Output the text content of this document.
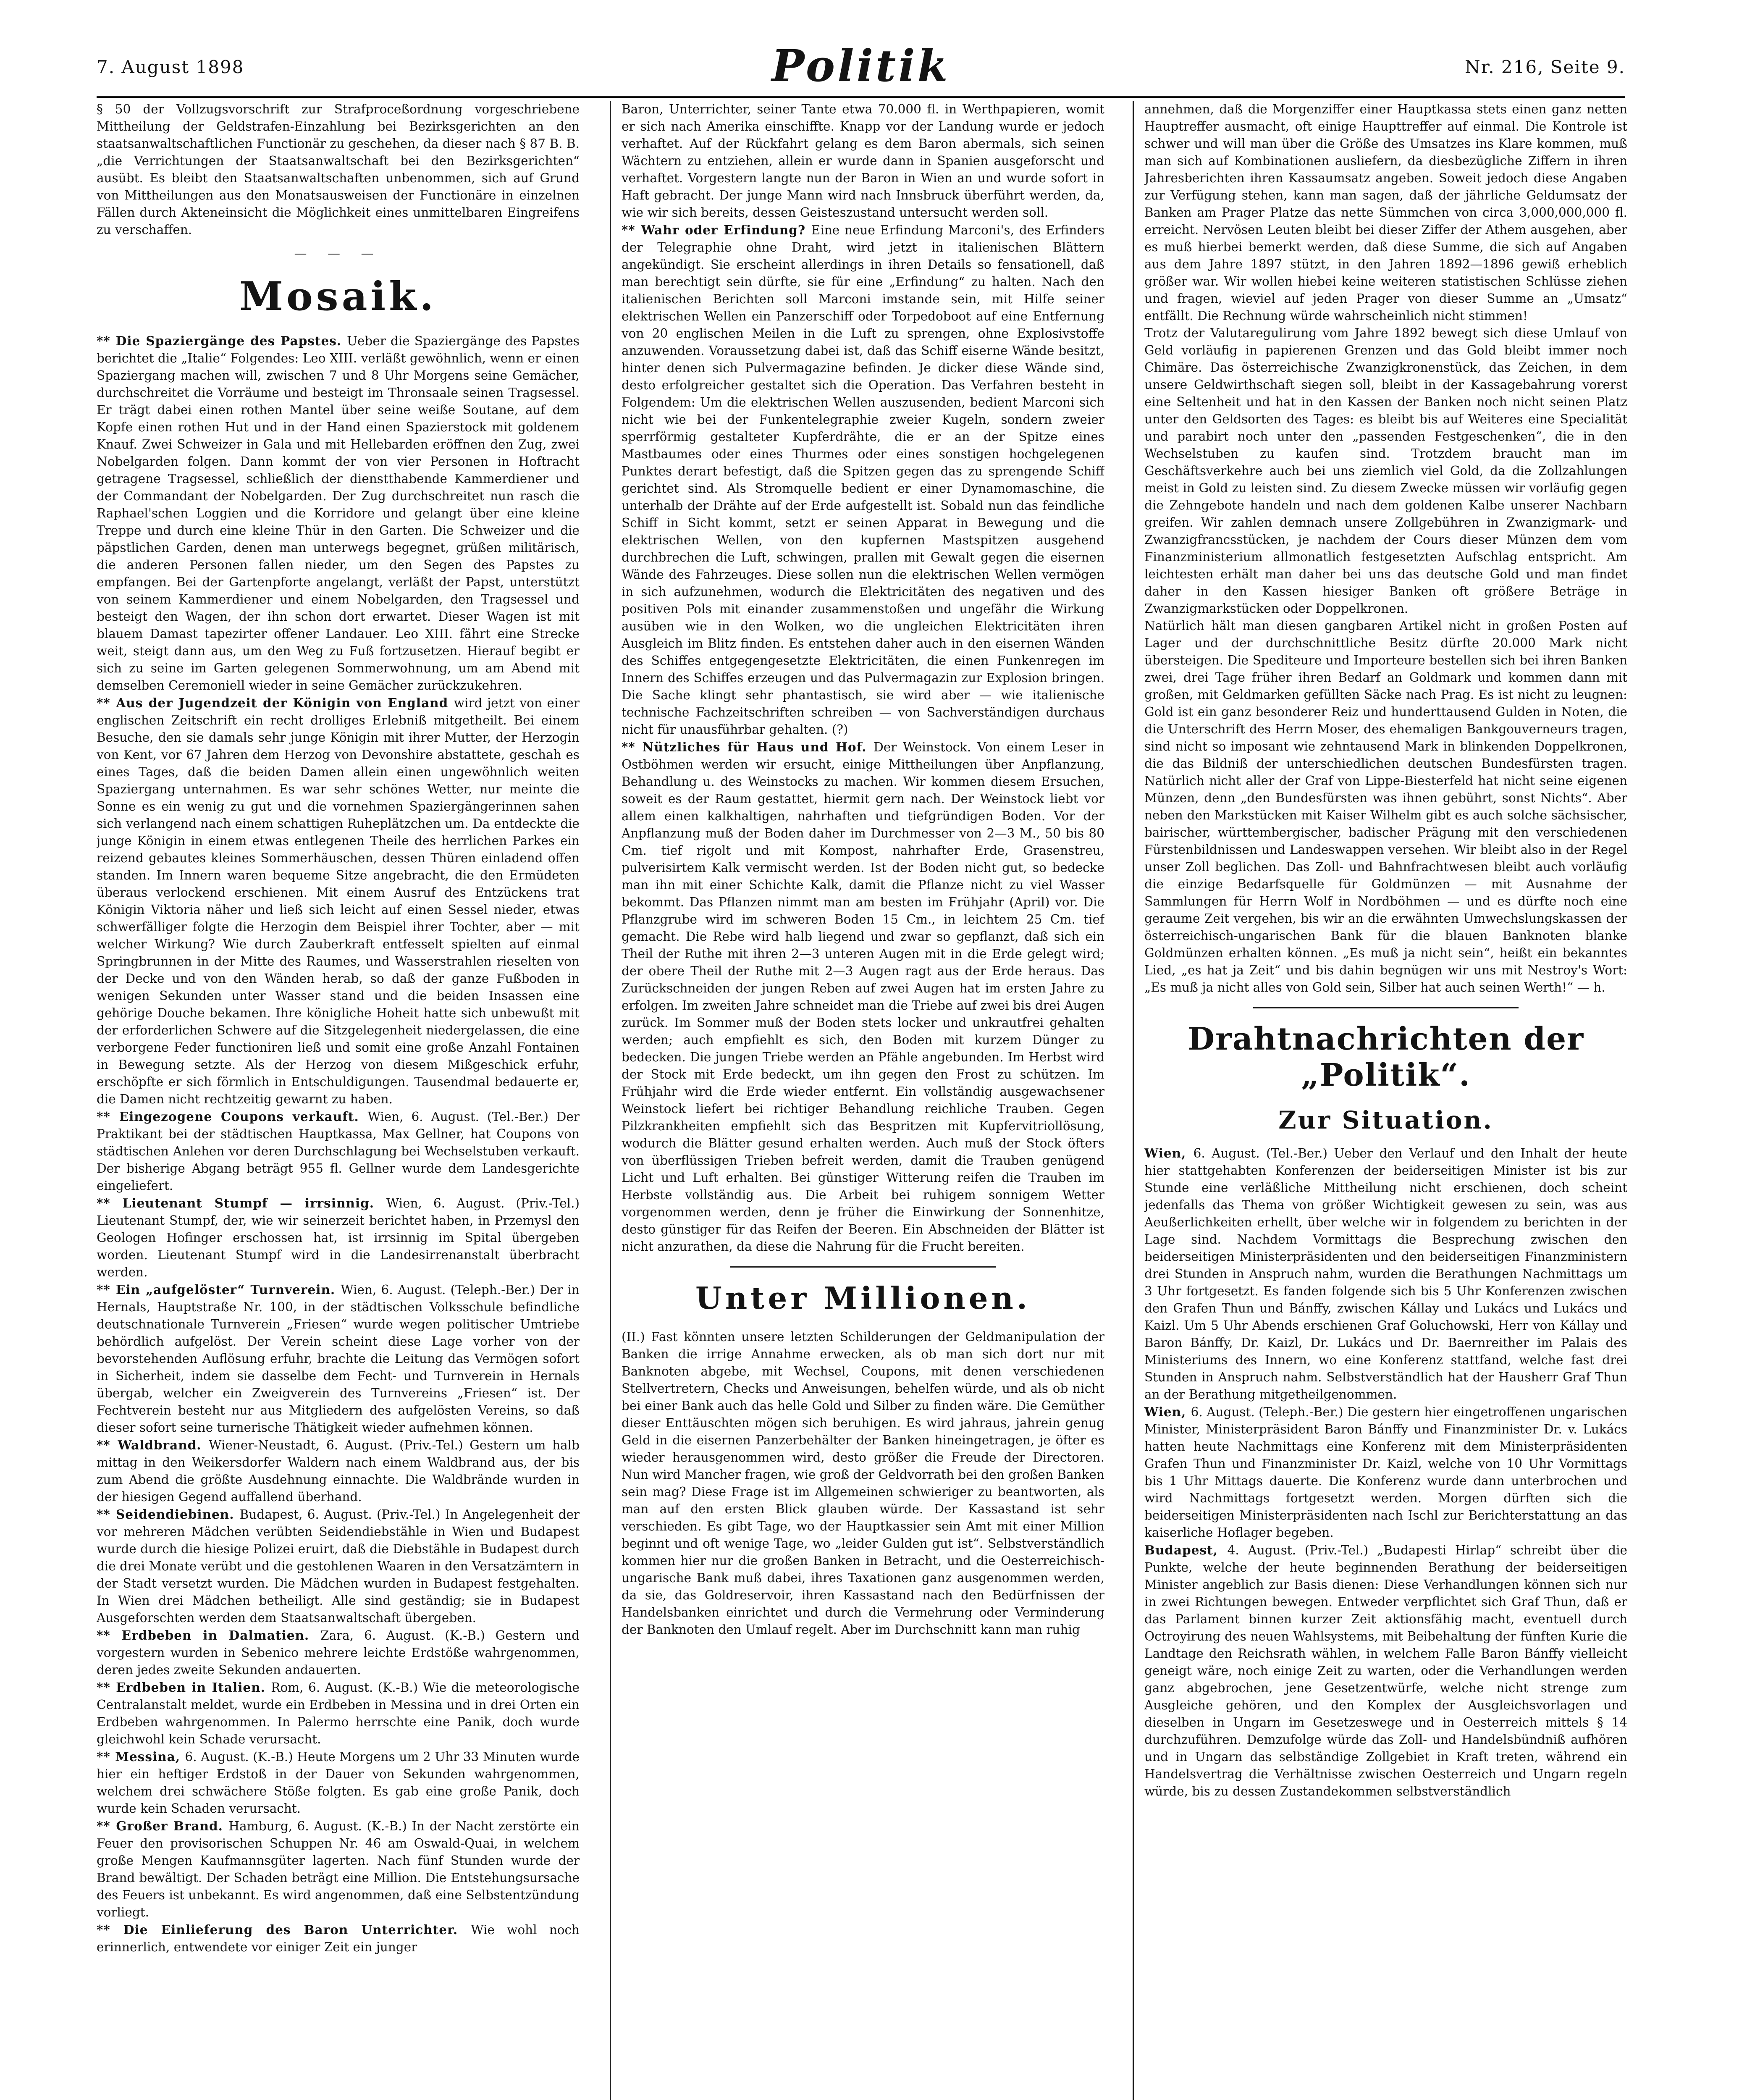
7. August 1898	Politik	Nr. 216, Seite 9.

§ 50 der Vollzugsvorschrift zur Strafproceßordnung vorgeschriebene Mittheilung der Geldstrafen-Einzahlung bei Bezirksgerichten an den staatsanwaltschaftlichen Functionär zu geschehen, da dieser nach § 87 B. B. „die Verrichtungen der Staatsanwaltschaft bei den Bezirksgerichten“ ausübt. Es bleibt den Staatsanwaltschaften unbenommen, sich auf Grund von Mittheilungen aus den Monatsausweisen der Functionäre in einzelnen Fällen durch Akteneinsicht die Möglichkeit eines unmittelbaren Eingreifens zu verschaffen.

— — —
Mosaik.

** Die Spaziergänge des Papstes. Ueber die Spaziergänge des Papstes berichtet die „Italie“ Folgendes: Leo XIII. verläßt gewöhnlich, wenn er einen Spaziergang machen will, zwischen 7 und 8 Uhr Morgens seine Gemächer, durchschreitet die Vorräume und besteigt im Thronsaale seinen Tragsessel. Er trägt dabei einen rothen Mantel über seine weiße Soutane, auf dem Kopfe einen rothen Hut und in der Hand einen Spazierstock mit goldenem Knauf. Zwei Schweizer in Gala und mit Hellebarden eröffnen den Zug, zwei Nobelgarden folgen. Dann kommt der von vier Personen in Hoftracht getragene Tragsessel, schließlich der dienstthabende Kammerdiener und der Commandant der Nobelgarden. Der Zug durchschreitet nun rasch die Raphael'schen Loggien und die Korridore und gelangt über eine kleine Treppe und durch eine kleine Thür in den Garten. Die Schweizer und die päpstlichen Garden, denen man unterwegs begegnet, grüßen militärisch, die anderen Personen fallen nieder, um den Segen des Papstes zu empfangen. Bei der Gartenpforte angelangt, verläßt der Papst, unterstützt von seinem Kammerdiener und einem Nobelgarden, den Tragsessel und besteigt den Wagen, der ihn schon dort erwartet. Dieser Wagen ist mit blauem Damast tapezirter offener Landauer. Leo XIII. fährt eine Strecke weit, steigt dann aus, um den Weg zu Fuß fortzusetzen. Hierauf begibt er sich zu seine im Garten gelegenen Sommerwohnung, um am Abend mit demselben Ceremoniell wieder in seine Gemächer zurückzukehren.

** Aus der Jugendzeit der Königin von England wird jetzt von einer englischen Zeitschrift ein recht drolliges Erlebniß mitgetheilt. Bei einem Besuche, den sie damals sehr junge Königin mit ihrer Mutter, der Herzogin von Kent, vor 67 Jahren dem Herzog von Devonshire abstattete, geschah es eines Tages, daß die beiden Damen allein einen ungewöhnlich weiten Spaziergang unternahmen. Es war sehr schönes Wetter, nur meinte die Sonne es ein wenig zu gut und die vornehmen Spaziergängerinnen sahen sich verlangend nach einem schattigen Ruheplätzchen um. Da entdeckte die junge Königin in einem etwas entlegenen Theile des herrlichen Parkes ein reizend gebautes kleines Sommerhäuschen, dessen Thüren einladend offen standen. Im Innern waren bequeme Sitze angebracht, die den Ermüdeten überaus verlockend erschienen. Mit einem Ausruf des Entzückens trat Königin Viktoria näher und ließ sich leicht auf einen Sessel nieder, etwas schwerfälliger folgte die Herzogin dem Beispiel ihrer Tochter, aber — mit welcher Wirkung? Wie durch Zauberkraft entfesselt spielten auf einmal Springbrunnen in der Mitte des Raumes, und Wasserstrahlen rieselten von der Decke und von den Wänden herab, so daß der ganze Fußboden in wenigen Sekunden unter Wasser stand und die beiden Insassen eine gehörige Douche bekamen. Ihre königliche Hoheit hatte sich unbewußt mit der erforderlichen Schwere auf die Sitzgelegenheit niedergelassen, die eine verborgene Feder functioniren ließ und somit eine große Anzahl Fontainen in Bewegung setzte. Als der Herzog von diesem Mißgeschick erfuhr, erschöpfte er sich förmlich in Entschuldigungen. Tausendmal bedauerte er, die Damen nicht rechtzeitig gewarnt zu haben.

** Eingezogene Coupons verkauft. Wien, 6. August. (Tel.-Ber.) Der Praktikant bei der städtischen Hauptkassa, Max Gellner, hat Coupons von städtischen Anlehen vor deren Durchschlagung bei Wechselstuben verkauft. Der bisherige Abgang beträgt 955 fl. Gellner wurde dem Landesgerichte eingeliefert.

** Lieutenant Stumpf — irrsinnig. Wien, 6. August. (Priv.-Tel.) Lieutenant Stumpf, der, wie wir seinerzeit berichtet haben, in Przemysl den Geologen Hofinger erschossen hat, ist irrsinnig im Spital übergeben worden. Lieutenant Stumpf wird in die Landesirrenanstalt überbracht werden.

** Ein „aufgelöster“ Turnverein. Wien, 6. August. (Teleph.-Ber.) Der in Hernals, Hauptstraße Nr. 100, in der städtischen Volksschule befindliche deutschnationale Turnverein „Friesen“ wurde wegen politischer Umtriebe behördlich aufgelöst. Der Verein scheint diese Lage vorher von der bevorstehenden Auflösung erfuhr, brachte die Leitung das Vermögen sofort in Sicherheit, indem sie dasselbe dem Fecht- und Turnverein in Hernals übergab, welcher ein Zweigverein des Turnvereins „Friesen“ ist. Der Fechtverein besteht nur aus Mitgliedern des aufgelösten Vereins, so daß dieser sofort seine turnerische Thätigkeit wieder aufnehmen können.

** Waldbrand. Wiener-Neustadt, 6. August. (Priv.-Tel.) Gestern um halb mittag in den Weikersdorfer Waldern nach einem Waldbrand aus, der bis zum Abend die größte Ausdehnung einnachte. Die Waldbrände wurden in der hiesigen Gegend auffallend überhand.

** Seidendiebinen. Budapest, 6. August. (Priv.-Tel.) In Angelegenheit der vor mehreren Mädchen verübten Seidendiebstähle in Wien und Budapest wurde durch die hiesige Polizei eruirt, daß die Diebstähle in Budapest durch die drei Monate verübt und die gestohlenen Waaren in den Versatzämtern in der Stadt versetzt wurden. Die Mädchen wurden in Budapest festgehalten. In Wien drei Mädchen betheiligt. Alle sind geständig; sie in Budapest Ausgeforschten werden dem Staatsanwaltschaft übergeben.

** Erdbeben in Dalmatien. Zara, 6. August. (K.-B.) Gestern und vorgestern wurden in Sebenico mehrere leichte Erdstöße wahrgenommen, deren jedes zweite Sekunden andauerten.

** Erdbeben in Italien. Rom, 6. August. (K.-B.) Wie die meteorologische Centralanstalt meldet, wurde ein Erdbeben in Messina und in drei Orten ein Erdbeben wahrgenommen. In Palermo herrschte eine Panik, doch wurde gleichwohl kein Schade verursacht.

** Messina, 6. August. (K.-B.) Heute Morgens um 2 Uhr 33 Minuten wurde hier ein heftiger Erdstoß in der Dauer von Sekunden wahrgenommen, welchem drei schwächere Stöße folgten. Es gab eine große Panik, doch wurde kein Schaden verursacht.

** Großer Brand. Hamburg, 6. August. (K.-B.) In der Nacht zerstörte ein Feuer den provisorischen Schuppen Nr. 46 am Oswald-Quai, in welchem große Mengen Kaufmannsgüter lagerten. Nach fünf Stunden wurde der Brand bewältigt. Der Schaden beträgt eine Million. Die Entstehungsursache des Feuers ist unbekannt. Es wird angenommen, daß eine Selbstentzündung vorliegt.

** Die Einlieferung des Baron Unterrichter. Wie wohl noch erinnerlich, entwendete vor einiger Zeit ein junger

Baron, Unterrichter, seiner Tante etwa 70.000 fl. in Werthpapieren, womit er sich nach Amerika einschiffte. Knapp vor der Landung wurde er jedoch verhaftet. Auf der Rückfahrt gelang es dem Baron abermals, sich seinen Wächtern zu entziehen, allein er wurde dann in Spanien ausgeforscht und verhaftet. Vorgestern langte nun der Baron in Wien an und wurde sofort in Haft gebracht. Der junge Mann wird nach Innsbruck überführt werden, da, wie wir sich bereits, dessen Geisteszustand untersucht werden soll.

** Wahr oder Erfindung? Eine neue Erfindung Marconi's, des Erfinders der Telegraphie ohne Draht, wird jetzt in italienischen Blättern angekündigt. Sie erscheint allerdings in ihren Details so fensationell, daß man berechtigt sein dürfte, sie für eine „Erfindung“ zu halten. Nach den italienischen Berichten soll Marconi imstande sein, mit Hilfe seiner elektrischen Wellen ein Panzerschiff oder Torpedoboot auf eine Entfernung von 20 englischen Meilen in die Luft zu sprengen, ohne Explosivstoffe anzuwenden. Voraussetzung dabei ist, daß das Schiff eiserne Wände besitzt, hinter denen sich Pulvermagazine befinden. Je dicker diese Wände sind, desto erfolgreicher gestaltet sich die Operation. Das Verfahren besteht in Folgendem: Um die elektrischen Wellen auszusenden, bedient Marconi sich nicht wie bei der Funkentelegraphie zweier Kugeln, sondern zweier sperrförmig gestalteter Kupferdrähte, die er an der Spitze eines Mastbaumes oder eines Thurmes oder eines sonstigen hochgelegenen Punktes derart befestigt, daß die Spitzen gegen das zu sprengende Schiff gerichtet sind. Als Stromquelle bedient er einer Dynamomaschine, die unterhalb der Drähte auf der Erde aufgestellt ist. Sobald nun das feindliche Schiff in Sicht kommt, setzt er seinen Apparat in Bewegung und die elektrischen Wellen, von den kupfernen Mastspitzen ausgehend durchbrechen die Luft, schwingen, prallen mit Gewalt gegen die eisernen Wände des Fahrzeuges. Diese sollen nun die elektrischen Wellen vermögen in sich aufzunehmen, wodurch die Elektricitäten des negativen und des positiven Pols mit einander zusammenstoßen und ungefähr die Wirkung ausüben wie in den Wolken, wo die ungleichen Elektricitäten ihren Ausgleich im Blitz finden. Es entstehen daher auch in den eisernen Wänden des Schiffes entgegengesetzte Elektricitäten, die einen Funkenregen im Innern des Schiffes erzeugen und das Pulvermagazin zur Explosion bringen. Die Sache klingt sehr phantastisch, sie wird aber — wie italienische technische Fachzeitschriften schreiben — von Sachverständigen durchaus nicht für unausführbar gehalten. (?)

** Nützliches für Haus und Hof. Der Weinstock. Von einem Leser in Ostböhmen werden wir ersucht, einige Mittheilungen über Anpflanzung, Behandlung u. des Weinstocks zu machen. Wir kommen diesem Ersuchen, soweit es der Raum gestattet, hiermit gern nach. Der Weinstock liebt vor allem einen kalkhaltigen, nahrhaften und tiefgründigen Boden. Vor der Anpflanzung muß der Boden daher im Durchmesser von 2—3 M., 50 bis 80 Cm. tief rigolt und mit Kompost, nahrhafter Erde, Grasenstreu, pulverisirtem Kalk vermischt werden. Ist der Boden nicht gut, so bedecke man ihn mit einer Schichte Kalk, damit die Pflanze nicht zu viel Wasser bekommt. Das Pflanzen nimmt man am besten im Frühjahr (April) vor. Die Pflanzgrube wird im schweren Boden 15 Cm., in leichtem 25 Cm. tief gemacht. Die Rebe wird halb liegend und zwar so gepflanzt, daß sich ein Theil der Ruthe mit ihren 2—3 unteren Augen mit in die Erde gelegt wird; der obere Theil der Ruthe mit 2—3 Augen ragt aus der Erde heraus. Das Zurückschneiden der jungen Reben auf zwei Augen hat im ersten Jahre zu erfolgen. Im zweiten Jahre schneidet man die Triebe auf zwei bis drei Augen zurück. Im Sommer muß der Boden stets locker und unkrautfrei gehalten werden; auch empfiehlt es sich, den Boden mit kurzem Dünger zu bedecken. Die jungen Triebe werden an Pfähle angebunden. Im Herbst wird der Stock mit Erde bedeckt, um ihn gegen den Frost zu schützen. Im Frühjahr wird die Erde wieder entfernt. Ein vollständig ausgewachsener Weinstock liefert bei richtiger Behandlung reichliche Trauben. Gegen Pilzkrankheiten empfiehlt sich das Bespritzen mit Kupfervitriollösung, wodurch die Blätter gesund erhalten werden. Auch muß der Stock öfters von überflüssigen Trieben befreit werden, damit die Trauben genügend Licht und Luft erhalten. Bei günstiger Witterung reifen die Trauben im Herbste vollständig aus. Die Arbeit bei ruhigem sonnigem Wetter vorgenommen werden, denn je früher die Einwirkung der Sonnenhitze, desto günstiger für das Reifen der Beeren. Ein Abschneiden der Blätter ist nicht anzurathen, da diese die Nahrung für die Frucht bereiten.

Unter Millionen.

(II.) Fast könnten unsere letzten Schilderungen der Geldmanipulation der Banken die irrige Annahme erwecken, als ob man sich dort nur mit Banknoten abgebe, mit Wechsel, Coupons, mit denen verschiedenen Stellvertretern, Checks und Anweisungen, behelfen würde, und als ob nicht bei einer Bank auch das helle Gold und Silber zu finden wäre. Die Gemüther dieser Enttäuschten mögen sich beruhigen. Es wird jahraus, jahrein genug Geld in die eisernen Panzerbehälter der Banken hineingetragen, je öfter es wieder herausgenommen wird, desto größer die Freude der Directoren. Nun wird Mancher fragen, wie groß der Geldvorrath bei den großen Banken sein mag? Diese Frage ist im Allgemeinen schwieriger zu beantworten, als man auf den ersten Blick glauben würde. Der Kassastand ist sehr verschieden. Es gibt Tage, wo der Hauptkassier sein Amt mit einer Million beginnt und oft wenige Tage, wo „leider Gulden gut ist“. Selbstverständlich kommen hier nur die großen Banken in Betracht, und die Oesterreichisch-ungarische Bank muß dabei, ihres Taxationen ganz ausgenommen werden, da sie, das Goldreservoir, ihren Kassastand nach den Bedürfnissen der Handelsbanken einrichtet und durch die Vermehrung oder Verminderung der Banknoten den Umlauf regelt. Aber im Durchschnitt kann man ruhig

annehmen, daß die Morgenziffer einer Hauptkassa stets einen ganz netten Hauptreffer ausmacht, oft einige Haupttreffer auf einmal. Die Kontrole ist schwer und will man über die Größe des Umsatzes ins Klare kommen, muß man sich auf Kombinationen ausliefern, da diesbezügliche Ziffern in ihren Jahresberichten ihren Kassaumsatz angeben. Soweit jedoch diese Angaben zur Verfügung stehen, kann man sagen, daß der jährliche Geldumsatz der Banken am Prager Platze das nette Sümmchen von circa 3,000,000,000 fl. erreicht. Nervösen Leuten bleibt bei dieser Ziffer der Athem ausgehen, aber es muß hierbei bemerkt werden, daß diese Summe, die sich auf Angaben aus dem Jahre 1897 stützt, in den Jahren 1892—1896 gewiß erheblich größer war. Wir wollen hiebei keine weiteren statistischen Schlüsse ziehen und fragen, wieviel auf jeden Prager von dieser Summe an „Umsatz“ entfällt. Die Rechnung würde wahrscheinlich nicht stimmen!

Trotz der Valutaregulirung vom Jahre 1892 bewegt sich diese Umlauf von Geld vorläufig in papierenen Grenzen und das Gold bleibt immer noch Chimäre. Das österreichische Zwanzigkronenstück, das Zeichen, in dem unsere Geldwirthschaft siegen soll, bleibt in der Kassagebahrung vorerst eine Seltenheit und hat in den Kassen der Banken noch nicht seinen Platz unter den Geldsorten des Tages: es bleibt bis auf Weiteres eine Specialität und parabirt noch unter den „passenden Festgeschenken“, die in den Wechselstuben zu kaufen sind. Trotzdem braucht man im Geschäftsverkehre auch bei uns ziemlich viel Gold, da die Zollzahlungen meist in Gold zu leisten sind. Zu diesem Zwecke müssen wir vorläufig gegen die Zehngebote handeln und nach dem goldenen Kalbe unserer Nachbarn greifen. Wir zahlen demnach unsere Zollgebühren in Zwanzigmark- und Zwanzigfrancsstücken, je nachdem der Cours dieser Münzen dem vom Finanzministerium allmonatlich festgesetzten Aufschlag entspricht. Am leichtesten erhält man daher bei uns das deutsche Gold und man findet daher in den Kassen hiesiger Banken oft größere Beträge in Zwanzigmarkstücken oder Doppelkronen.

Natürlich hält man diesen gangbaren Artikel nicht in großen Posten auf Lager und der durchschnittliche Besitz dürfte 20.000 Mark nicht übersteigen. Die Spediteure und Importeure bestellen sich bei ihren Banken zwei, drei Tage früher ihren Bedarf an Goldmark und kommen dann mit großen, mit Geldmarken gefüllten Säcke nach Prag. Es ist nicht zu leugnen: Gold ist ein ganz besonderer Reiz und hunderttausend Gulden in Noten, die die Unterschrift des Herrn Moser, des ehemaligen Bankgouverneurs tragen, sind nicht so imposant wie zehntausend Mark in blinkenden Doppelkronen, die das Bildniß der unterschiedlichen deutschen Bundesfürsten tragen. Natürlich nicht aller der Graf von Lippe-Biesterfeld hat nicht seine eigenen Münzen, denn „den Bundesfürsten was ihnen gebührt, sonst Nichts“. Aber neben den Markstücken mit Kaiser Wilhelm gibt es auch solche sächsischer, bairischer, württembergischer, badischer Prägung mit den verschiedenen Fürstenbildnissen und Landeswappen versehen. Wir bleibt also in der Regel unser Zoll beglichen. Das Zoll- und Bahnfrachtwesen bleibt auch vorläufig die einzige Bedarfsquelle für Goldmünzen — mit Ausnahme der Sammlungen für Herrn Wolf in Nordböhmen — und es dürfte noch eine geraume Zeit vergehen, bis wir an die erwähnten Umwechslungskassen der österreichisch-ungarischen Bank für die blauen Banknoten blanke Goldmünzen erhalten können. „Es muß ja nicht sein“, heißt ein bekanntes Lied, „es hat ja Zeit“ und bis dahin begnügen wir uns mit Nestroy's Wort: „Es muß ja nicht alles von Gold sein, Silber hat auch seinen Werth!“ — h.

Drahtnachrichten der „Politik“.
Zur Situation.

Wien, 6. August. (Tel.-Ber.) Ueber den Verlauf und den Inhalt der heute hier stattgehabten Konferenzen der beiderseitigen Minister ist bis zur Stunde eine verläßliche Mittheilung nicht erschienen, doch scheint jedenfalls das Thema von größer Wichtigkeit gewesen zu sein, was aus Aeußerlichkeiten erhellt, über welche wir in folgendem zu berichten in der Lage sind. Nachdem Vormittags die Besprechung zwischen den beiderseitigen Ministerpräsidenten und den beiderseitigen Finanzministern drei Stunden in Anspruch nahm, wurden die Berathungen Nachmittags um 3 Uhr fortgesetzt. Es fanden folgende sich bis 5 Uhr Konferenzen zwischen den Grafen Thun und Bánffy, zwischen Kállay und Lukács und Lukács und Kaizl. Um 5 Uhr Abends erschienen Graf Goluchowski, Herr von Kállay und Baron Bánffy, Dr. Kaizl, Dr. Lukács und Dr. Baernreither im Palais des Ministeriums des Innern, wo eine Konferenz stattfand, welche fast drei Stunden in Anspruch nahm. Selbstverständlich hat der Hausherr Graf Thun an der Berathung mitgetheilgenommen.

Wien, 6. August. (Teleph.-Ber.) Die gestern hier eingetroffenen ungarischen Minister, Ministerpräsident Baron Bánffy und Finanzminister Dr. v. Lukács hatten heute Nachmittags eine Konferenz mit dem Ministerpräsidenten Grafen Thun und Finanzminister Dr. Kaizl, welche von 10 Uhr Vormittags bis 1 Uhr Mittags dauerte. Die Konferenz wurde dann unterbrochen und wird Nachmittags fortgesetzt werden. Morgen dürften sich die beiderseitigen Ministerpräsidenten nach Ischl zur Berichterstattung an das kaiserliche Hoflager begeben.

Budapest, 4. August. (Priv.-Tel.) „Budapesti Hirlap“ schreibt über die Punkte, welche der heute beginnenden Berathung der beiderseitigen Minister angeblich zur Basis dienen: Diese Verhandlungen können sich nur in zwei Richtungen bewegen. Entweder verpflichtet sich Graf Thun, daß er das Parlament binnen kurzer Zeit aktionsfähig macht, eventuell durch Octroyirung des neuen Wahlsystems, mit Beibehaltung der fünften Kurie die Landtage den Reichsrath wählen, in welchem Falle Baron Bánffy vielleicht geneigt wäre, noch einige Zeit zu warten, oder die Verhandlungen werden ganz abgebrochen, jene Gesetzentwürfe, welche nicht strenge zum Ausgleiche gehören, und den Komplex der Ausgleichsvorlagen und dieselben in Ungarn im Gesetzeswege und in Oesterreich mittels § 14 durchzuführen. Demzufolge würde das Zoll- und Handelsbündniß aufhören und in Ungarn das selbständige Zollgebiet in Kraft treten, während ein Handelsvertrag die Verhältnisse zwischen Oesterreich und Ungarn regeln würde, bis zu dessen Zustandekommen selbstverständlich
